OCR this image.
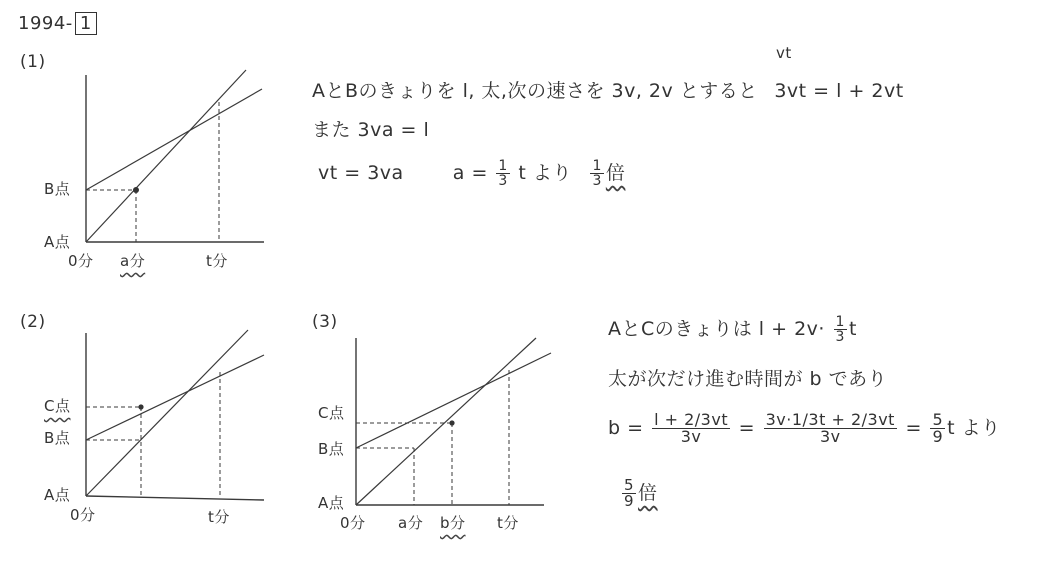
1994- 1
(1)
(2)	(3)
B点
A点
0分 a分	t分
C点
B点
A点
0分	t分
C点
B点
A点
0分 a分 b分 t分
AとBのきょりを l, 太,次の速さを 3v, 2v とすると 3vt = l + 2vt
vt
また 3va = l
vt = 3va	$a = \frac{1}{3}$ t より $\frac{1}{3}$ 倍
AとCのきょりは $l + 2v\cdot \frac{1}{3}$ t
太が次だけ進む時間が b であり
$b = \frac{l + 2/3vt}{3v} = \frac{3v\cdot 1/3t + 2/3vt}{3v} = \frac{5}{9}$ t より
$\frac{5}{9}$ 倍
